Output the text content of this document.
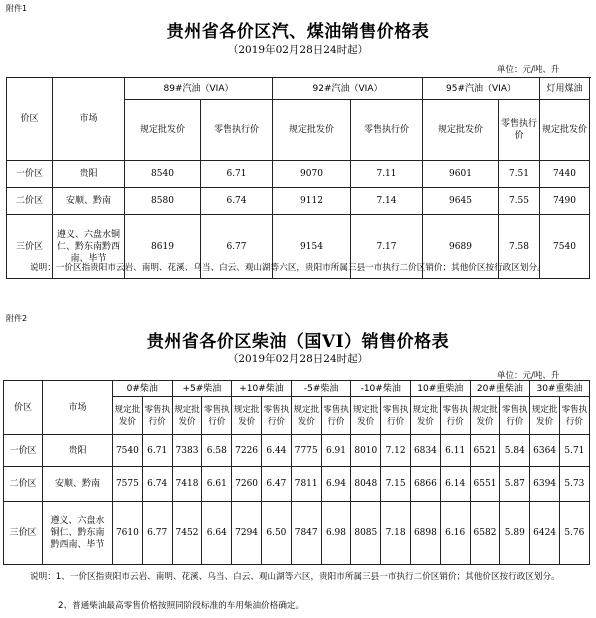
附件1
贵州省各价区汽、煤油销售价格表
（2019年02月28日24时起）
单位：元/吨、升
价区	市场	89#汽油（VIA）		92#汽油（VIA）		95#汽油（VIA）		灯用煤油	
		规定批发价	零售执行价	规定批发价	零售执行价	规定批发价	零售执行价	规定批发价	
一价区	贵阳	8540	6.71	9070	7.11	9601	7.51	7440	
二价区	安顺、黔南	8580	6.74	9112	7.14	9645	7.55	7490	
三价区	遵义、六盘水铜仁、黔东南黔西南、毕节	8619	6.77	9154	7.17	9689	7.58	7540	
说明：一价区指贵阳市云岩、南明、花溪、乌当、白云、观山湖等六区，贵阳市所属三县一市执行二价区销价；其他价区按行政区划分。
附件2
贵州省各价区柴油（国VI）销售价格表
（2019年02月28日24时起）
单位：元/吨、升
价区	市场	0#柴油		+5#柴油		+10#柴油		-5#柴油		-10#柴油		10#重柴油		20#重柴油		30#重柴油	
		规定批发价	零售执行价	规定批发价	零售执行价	规定批发价	零售执行价	规定批发价	零售执行价	规定批发价	零售执行价	规定批发价	零售执行价	规定批发价	零售执行价	规定批发价	零售执行价
一价区	贵阳	7540	6.71	7383	6.58	7226	6.44	7775	6.91	8010	7.12	6834	6.11	6521	5.84	6364	5.71
二价区	安顺、黔南	7575	6.74	7418	6.61	7260	6.47	7811	6.94	8048	7.15	6866	6.14	6551	5.87	6394	5.73
三价区	遵义、六盘水铜仁、黔东南黔西南、毕节	7610	6.77	7452	6.64	7294	6.50	7847	6.98	8085	7.18	6898	6.16	6582	5.89	6424	5.76
说明：1、一价区指贵阳市云岩、南明、花溪、乌当、白云、观山湖等六区，贵阳市所属三县一市执行二价区销价；其他价区按行政区划分。
2、普通柴油最高零售价格按照同阶段标准的车用柴油价格确定。
